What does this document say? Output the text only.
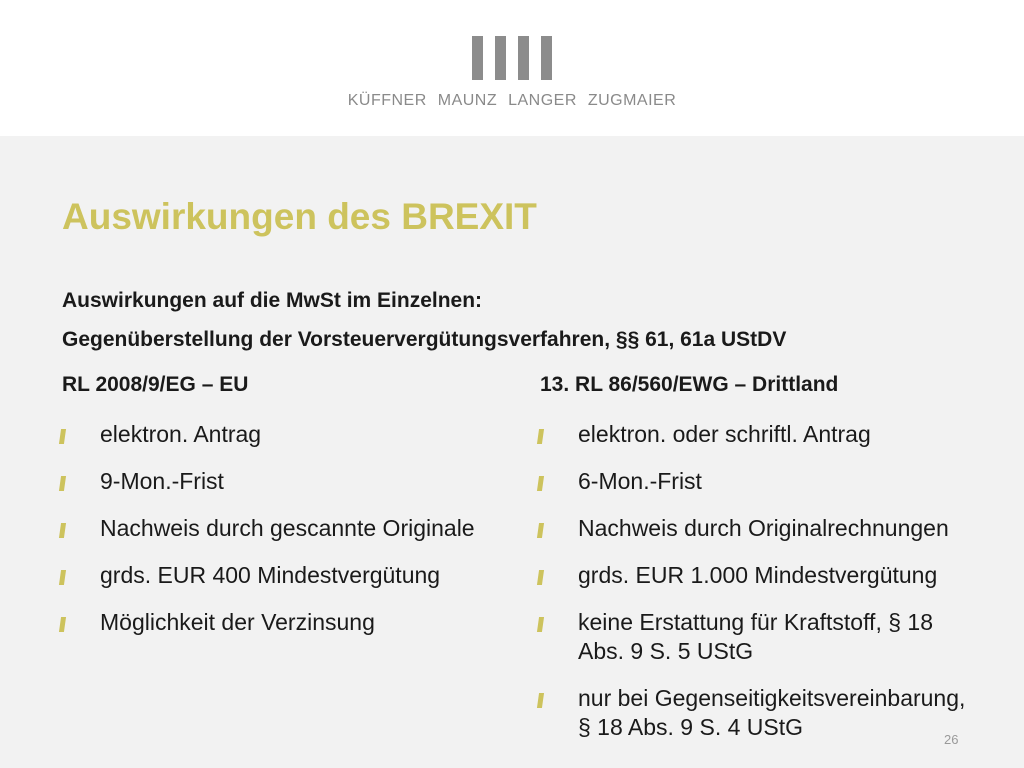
KÜFFNER MAUNZ LANGER ZUGMAIER
Auswirkungen des BREXIT

Auswirkungen auf die MwSt im Einzelnen:

Gegenüberstellung der Vorsteuervergütungsverfahren, §§ 61, 61a UStDV

RL 2008/9/EG – EU	13. RL 86/560/EWG – Drittland

elektron. Antrag
9-Mon.-Frist
Nachweis durch gescannte Originale
grds. EUR 400 Mindestvergütung
Möglichkeit der Verzinsung
elektron. oder schriftl. Antrag
6-Mon.-Frist
Nachweis durch Originalrechnungen
grds. EUR 1.000 Mindestvergütung
keine Erstattung für Kraftstoff, § 18
Abs. 9 S. 5 UStG
nur bei Gegenseitigkeitsvereinbarung,
§ 18 Abs. 9 S. 4 UStG	26
